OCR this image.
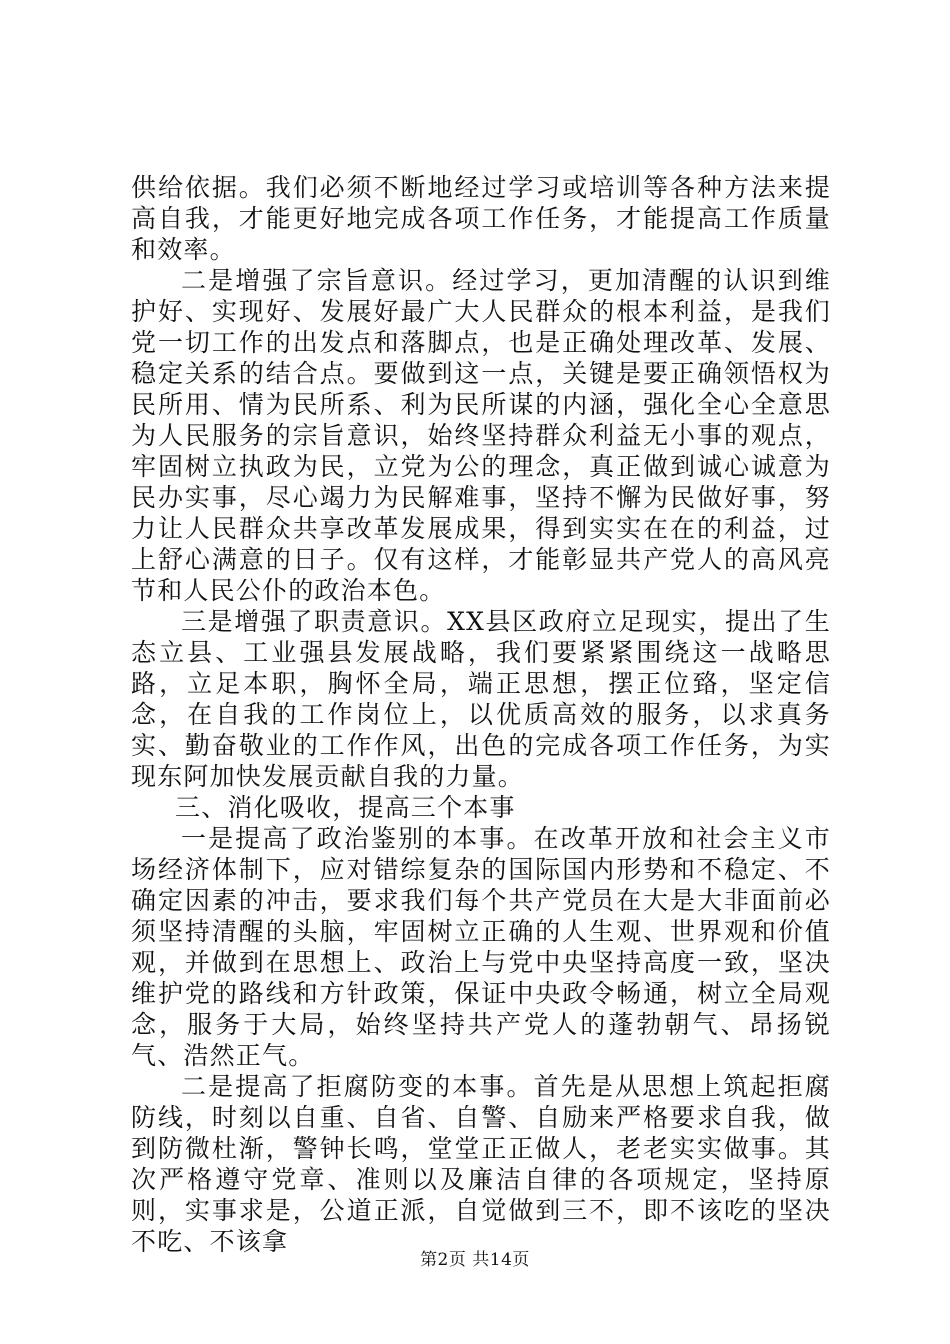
供给依据。我们必须不断地经过学习或培训等各种方法来提高自我，才能更好地完成各项工作任务，才能提高工作质量和效率。

二是增强了宗旨意识。经过学习，更加清醒的认识到维护好、实现好、发展好最广大人民群众的根本利益，是我们党一切工作的出发点和落脚点，也是正确处理改革、发展、稳定关系的结合点。要做到这一点，关键是要正确领悟权为民所用、情为民所系、利为民所谋的内涵，强化全心全意思为人民服务的宗旨意识，始终坚持群众利益无小事的观点，牢固树立执政为民，立党为公的理念，真正做到诚心诚意为民办实事，尽心竭力为民解难事，坚持不懈为民做好事，努力让人民群众共享改革发展成果，得到实实在在的利益，过上舒心满意的日子。仅有这样，才能彰显共产党人的高风亮节和人民公仆的政治本色。

三是增强了职责意识。XX县区政府立足现实，提出了生态立县、工业强县发展战略，我们要紧紧围绕这一战略思路，立足本职，胸怀全局，端正思想，摆正位臵，坚定信念，在自我的工作岗位上，以优质高效的服务，以求真务实、勤奋敬业的工作作风，出色的完成各项工作任务，为实现东阿加快发展贡献自我的力量。

三、消化吸收，提高三个本事

一是提高了政治鉴别的本事。在改革开放和社会主义市场经济体制下，应对错综复杂的国际国内形势和不稳定、不确定因素的冲击，要求我们每个共产党员在大是大非面前必须坚持清醒的头脑，牢固树立正确的人生观、世界观和价值观，并做到在思想上、政治上与党中央坚持高度一致，坚决维护党的路线和方针政策，保证中央政令畅通，树立全局观念，服务于大局，始终坚持共产党人的蓬勃朝气、昂扬锐气、浩然正气。

二是提高了拒腐防变的本事。首先是从思想上筑起拒腐防线，时刻以自重、自省、自警、自励来严格要求自我，做到防微杜渐，警钟长鸣，堂堂正正做人，老老实实做事。其次严格遵守党章、准则以及廉洁自律的各项规定，坚持原则，实事求是，公道正派，自觉做到三不，即不该吃的坚决不吃、不该拿

第2页 共14页
